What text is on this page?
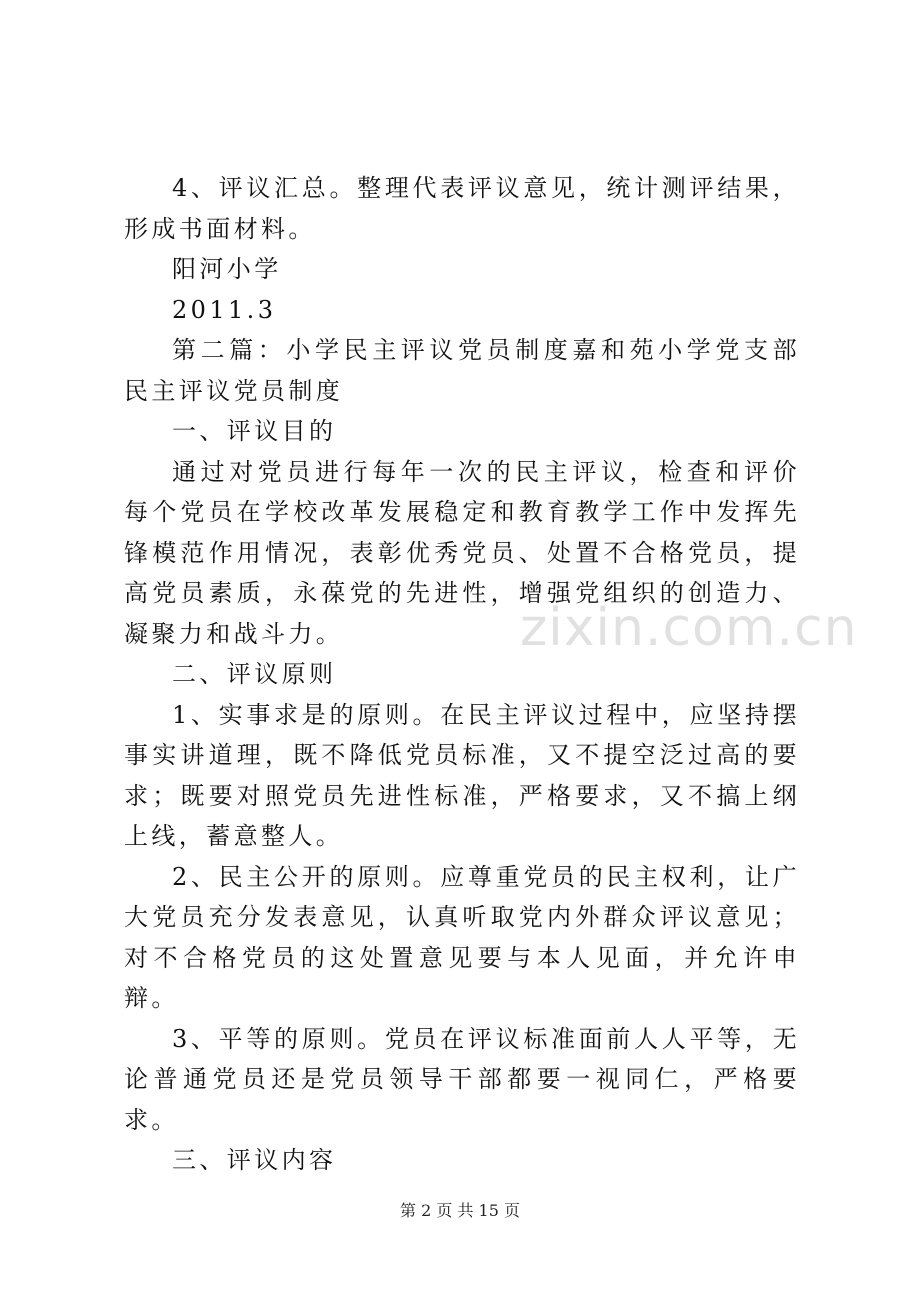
4、评议汇总。整理代表评议意见，统计测评结果，形成书面材料。

阳河小学

2011.3

第二篇：小学民主评议党员制度嘉和苑小学党支部民主评议党员制度

一、评议目的

通过对党员进行每年一次的民主评议，检查和评价每个党员在学校改革发展稳定和教育教学工作中发挥先锋模范作用情况，表彰优秀党员、处置不合格党员，提高党员素质，永葆党的先进性，增强党组织的创造力、凝聚力和战斗力。

二、评议原则

1、实事求是的原则。在民主评议过程中，应坚持摆事实讲道理，既不降低党员标准，又不提空泛过高的要求；既要对照党员先进性标准，严格要求，又不搞上纲上线，蓄意整人。

2、民主公开的原则。应尊重党员的民主权利，让广大党员充分发表意见，认真听取党内外群众评议意见；对不合格党员的这处置意见要与本人见面，并允许申辩。

3、平等的原则。党员在评议标准面前人人平等，无论普通党员还是党员领导干部都要一视同仁，严格要求。

三、评议内容

zixin.com.cn
第 2 页 共 15 页
